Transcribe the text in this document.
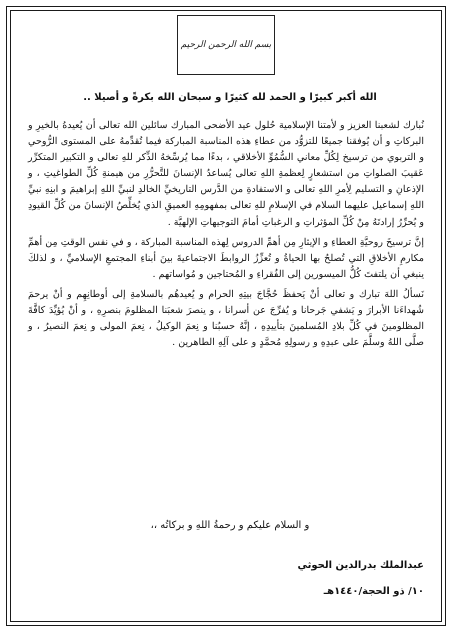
بسم الله الرحمن الرحيم
الله أكبر كبيرًا و الحمد لله كثيرًا و سبحان الله بكرةً و أصيلا ..

نُبارك لشعبنا العزيز و لأمتنا الإسلامية حُلول عيد الأضحى المبارك سائلين الله تعالى أن يُعيدهُ بالخيرِ و البركاتِ و أن يُوفقنا جميعًا للتزوُّد من عطاءِ هذه المناسبة المباركة فيما تُقدِّمهُ على المستوى الرُّوحي و التربوي من ترسيخ لِكُلِّ معاني السُّمُوِّ الأخلاقي ، بدءًا مما يُرسِّخهُ الذِّكر للهِ تعالى و التكبير المتكرِّر عَقيبَ الصلواتِ من استشعارٍ لِعظمةِ اللهِ تعالى يُساعدُ الإنسانَ للتَّحرُّرِ من هيمنةِ كُلِّ الطواغيتِ ، و الإذعانِ و التسليم لِأمرِ اللهِ تعالى و الاستفادةِ من الدَّرس التاريخيِّ الخالدِ لنبيِّ اللهِ إبراهيمَ و ابنِهِ نبيِّ اللهِ إسماعيل عليهما السلام في الإسلامِ للهِ تعالى بمفهومِهِ العميقِ الذي يُخلِّصُ الإنسانَ من كُلِّ القيودِ و يُحرِّرُ إرادتَهُ مِنْ كُلِّ المؤثراتِ و الرغباتِ أمامَ التوجيهاتِ الإلهيَّة .

إنَّ ترسيخَ روحيَّةِ العطاءِ و الإيثارِ مِن أهمِّ الدروس لِهذه المناسبة المباركة ، و في نفس الوقتِ مِن أهمِّ مكارمِ الأخلاقِ التي تُصلحُ بها الحياةُ و تُعزِّزُ الروابطَ الاجتماعيةَ بينَ أبناءِ المجتمعِ الإسلاميِّ ، و لذلكَ ينبغي أن يلتفتَ كُلُّ الميسورين إلى الفُقراءِ و المُحتاجين و مُواساتهم .

نَسألُ اللهَ تبارك و تعالى أنْ يَحفظَ حُجَّاجَ بيتِهِ الحرام و يُعيدهُم بالسلامةِ إلى أوطانِهِم و أنْ يرحمَ شُهداءَنا الأبرارَ و يَشفي جَرحانا و يُفرِّجَ عن أسرانا ، و ينصرَ شعبَنا المظلومَ بنصرِهِ ، و أنْ يُؤيِّدَ كافَّةَ المظلومينَ في كُلِّ بلادِ المُسلمينَ بتأييدِهِ ، إنَّهُ حسبُنا و نِعمَ الوكيلُ ، نِعمَ المولى و نِعمَ النصيرُ ، و صلَّى اللهُ وسلَّمَ على عبدِهِ و رسولِهِ مُحمَّدٍ و على آلِهِ الطاهرين .

و السلام عليكم و رحمةُ اللهِ و بركاتُه ،،
عبدالملك بدرالدين الحوثي
١٠/ ذو الحجة/١٤٤٠هـ
